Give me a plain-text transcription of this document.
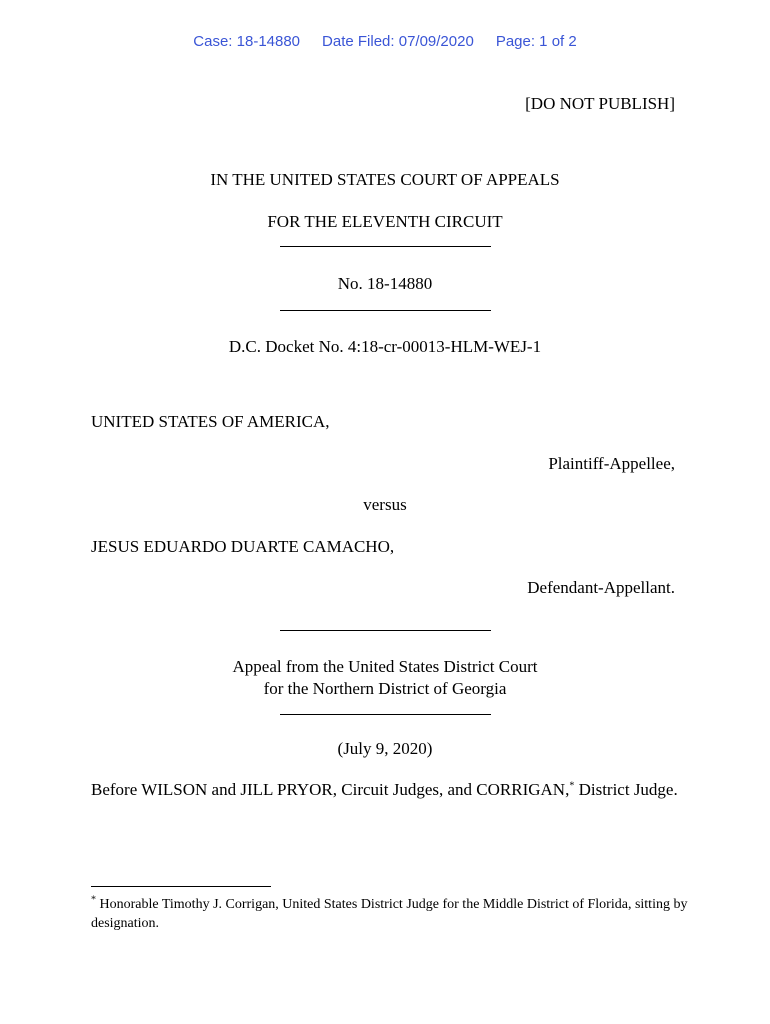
Case: 18-14880 Date Filed: 07/09/2020 Page: 1 of 2
[DO NOT PUBLISH]
IN THE UNITED STATES COURT OF APPEALS
FOR THE ELEVENTH CIRCUIT
No. 18-14880
D.C. Docket No. 4:18-cr-00013-HLM-WEJ-1
UNITED STATES OF AMERICA,
Plaintiff-Appellee,
versus
JESUS EDUARDO DUARTE CAMACHO,
Defendant-Appellant.
Appeal from the United States District Court
for the Northern District of Georgia
(July 9, 2020)
Before WILSON and JILL PRYOR, Circuit Judges, and CORRIGAN,* District Judge.
* Honorable Timothy J. Corrigan, United States District Judge for the Middle District of Florida, sitting by designation.
